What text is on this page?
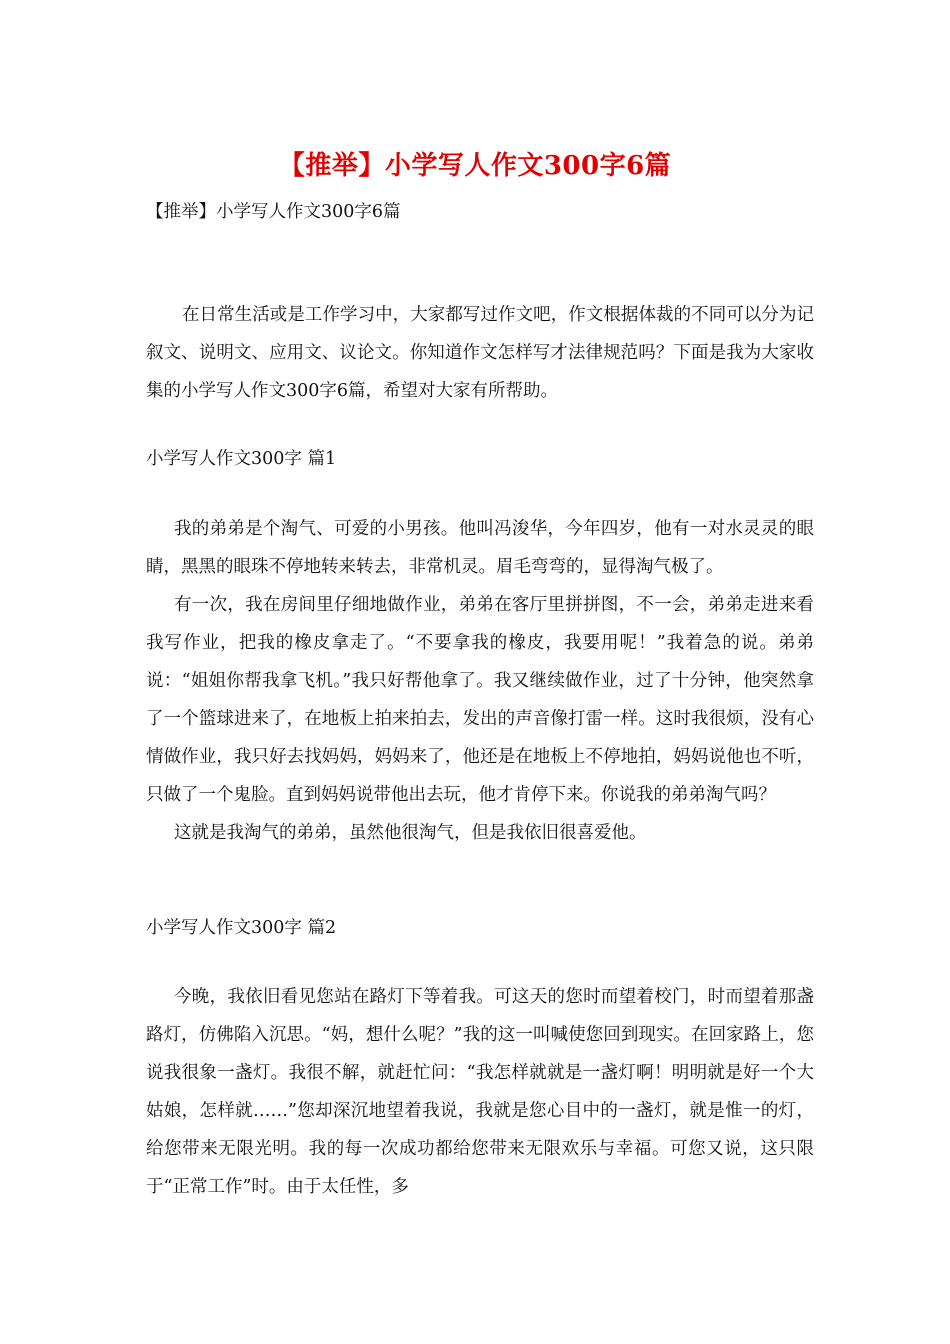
【推举】小学写人作文300字6篇
【推举】小学写人作文300字6篇

在日常生活或是工作学习中，大家都写过作文吧，作文根据体裁的不同可以分为记叙文、说明文、应用文、议论文。你知道作文怎样写才法律规范吗？下面是我为大家收集的小学写人作文300字6篇，希望对大家有所帮助。

小学写人作文300字 篇1

我的弟弟是个淘气、可爱的小男孩。他叫冯浚华，今年四岁，他有一对水灵灵的眼睛，黑黑的眼珠不停地转来转去，非常机灵。眉毛弯弯的，显得淘气极了。

有一次，我在房间里仔细地做作业，弟弟在客厅里拼拼图，不一会，弟弟走进来看我写作业，把我的橡皮拿走了。“不要拿我的橡皮，我要用呢！”我着急的说。弟弟说：“姐姐你帮我拿飞机。”我只好帮他拿了。我又继续做作业，过了十分钟，他突然拿了一个篮球进来了，在地板上拍来拍去，发出的声音像打雷一样。这时我很烦，没有心情做作业，我只好去找妈妈，妈妈来了，他还是在地板上不停地拍，妈妈说他也不听，只做了一个鬼脸。直到妈妈说带他出去玩，他才肯停下来。你说我的弟弟淘气吗？

这就是我淘气的弟弟，虽然他很淘气，但是我依旧很喜爱他。

小学写人作文300字 篇2

今晚，我依旧看见您站在路灯下等着我。可这天的您时而望着校门，时而望着那盏路灯，仿佛陷入沉思。“妈，想什么呢？”我的这一叫喊使您回到现实。在回家路上，您说我很象一盏灯。我很不解，就赶忙问：“我怎样就就是一盏灯啊！明明就是好一个大姑娘，怎样就……”您却深沉地望着我说，我就是您心目中的一盏灯，就是惟一的灯，给您带来无限光明。我的每一次成功都给您带来无限欢乐与幸福。可您又说，这只限于“正常工作”时。由于太任性，多
